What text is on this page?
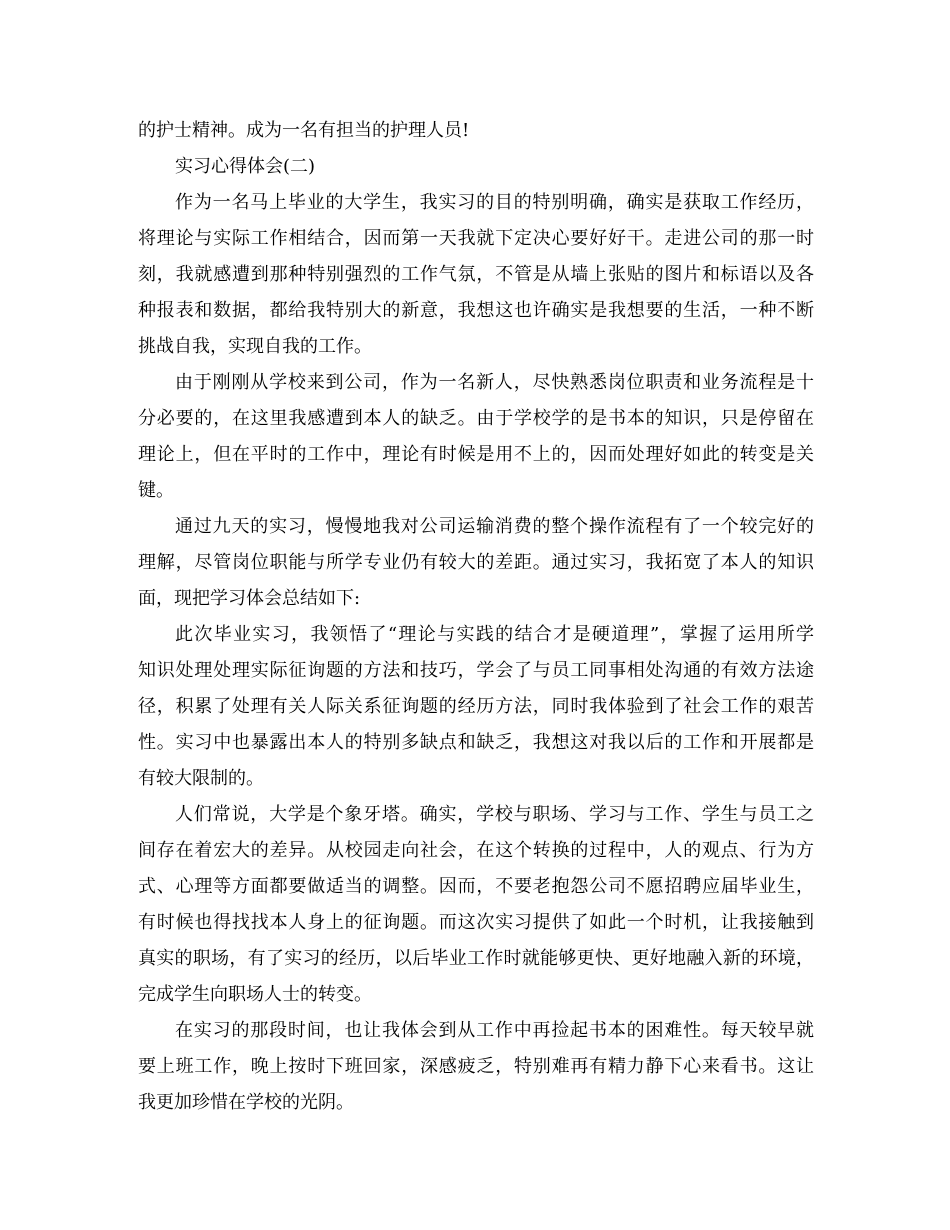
的护士精神。成为一名有担当的护理人员!
实习心得体会(二)
作为一名马上毕业的大学生，我实习的目的特别明确，确实是获取工作经历，
将理论与实际工作相结合，因而第一天我就下定决心要好好干。走进公司的那一时
刻，我就感遭到那种特别强烈的工作气氛，不管是从墙上张贴的图片和标语以及各
种报表和数据，都给我特别大的新意，我想这也许确实是我想要的生活，一种不断
挑战自我，实现自我的工作。
由于刚刚从学校来到公司，作为一名新人，尽快熟悉岗位职责和业务流程是十
分必要的，在这里我感遭到本人的缺乏。由于学校学的是书本的知识，只是停留在
理论上，但在平时的工作中，理论有时候是用不上的，因而处理好如此的转变是关
键。
通过九天的实习，慢慢地我对公司运输消费的整个操作流程有了一个较完好的
理解，尽管岗位职能与所学专业仍有较大的差距。通过实习，我拓宽了本人的知识
面，现把学习体会总结如下:
此次毕业实习，我领悟了“理论与实践的结合才是硬道理”，掌握了运用所学
知识处理处理实际征询题的方法和技巧，学会了与员工同事相处沟通的有效方法途
径，积累了处理有关人际关系征询题的经历方法，同时我体验到了社会工作的艰苦
性。实习中也暴露出本人的特别多缺点和缺乏，我想这对我以后的工作和开展都是
有较大限制的。
人们常说，大学是个象牙塔。确实，学校与职场、学习与工作、学生与员工之
间存在着宏大的差异。从校园走向社会，在这个转换的过程中，人的观点、行为方
式、心理等方面都要做适当的调整。因而，不要老抱怨公司不愿招聘应届毕业生，
有时候也得找找本人身上的征询题。而这次实习提供了如此一个时机，让我接触到
真实的职场，有了实习的经历，以后毕业工作时就能够更快、更好地融入新的环境，
完成学生向职场人士的转变。
在实习的那段时间，也让我体会到从工作中再捡起书本的困难性。每天较早就
要上班工作，晚上按时下班回家，深感疲乏，特别难再有精力静下心来看书。这让
我更加珍惜在学校的光阴。
